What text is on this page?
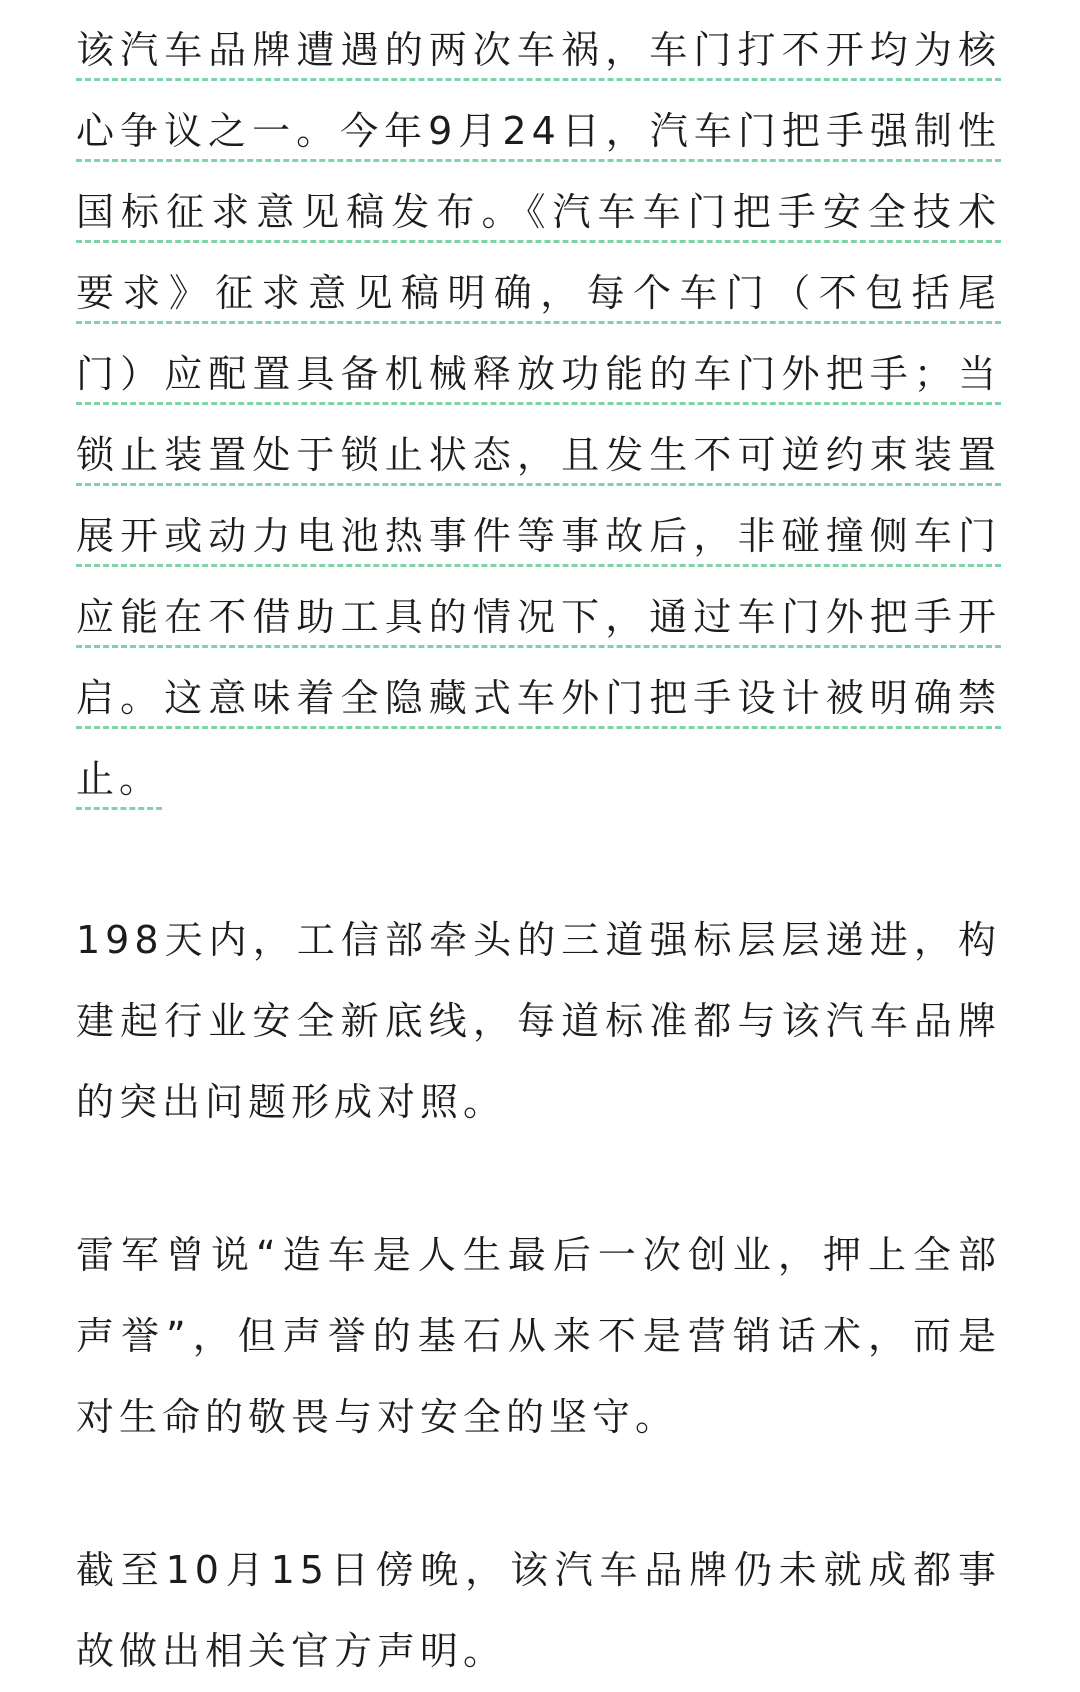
该汽车品牌遭遇的两次车祸，车门打不开均为核心争议之一。今年9月24日，汽车门把手强制性国标征求意见稿发布。《汽车车门把手安全技术要求》征求意见稿明确，每个车门（不包括尾门）应配置具备机械释放功能的车门外把手；当锁止装置处于锁止状态，且发生不可逆约束装置展开或动力电池热事件等事故后，非碰撞侧车门应能在不借助工具的情况下，通过车门外把手开启。这意味着全隐藏式车外门把手设计被明确禁止。

198天内，工信部牵头的三道强标层层递进，构建起行业安全新底线，每道标准都与该汽车品牌的突出问题形成对照。

雷军曾说“造车是人生最后一次创业，押上全部声誉”，但声誉的基石从来不是营销话术，而是对生命的敬畏与对安全的坚守。

截至10月15日傍晚，该汽车品牌仍未就成都事故做出相关官方声明。
